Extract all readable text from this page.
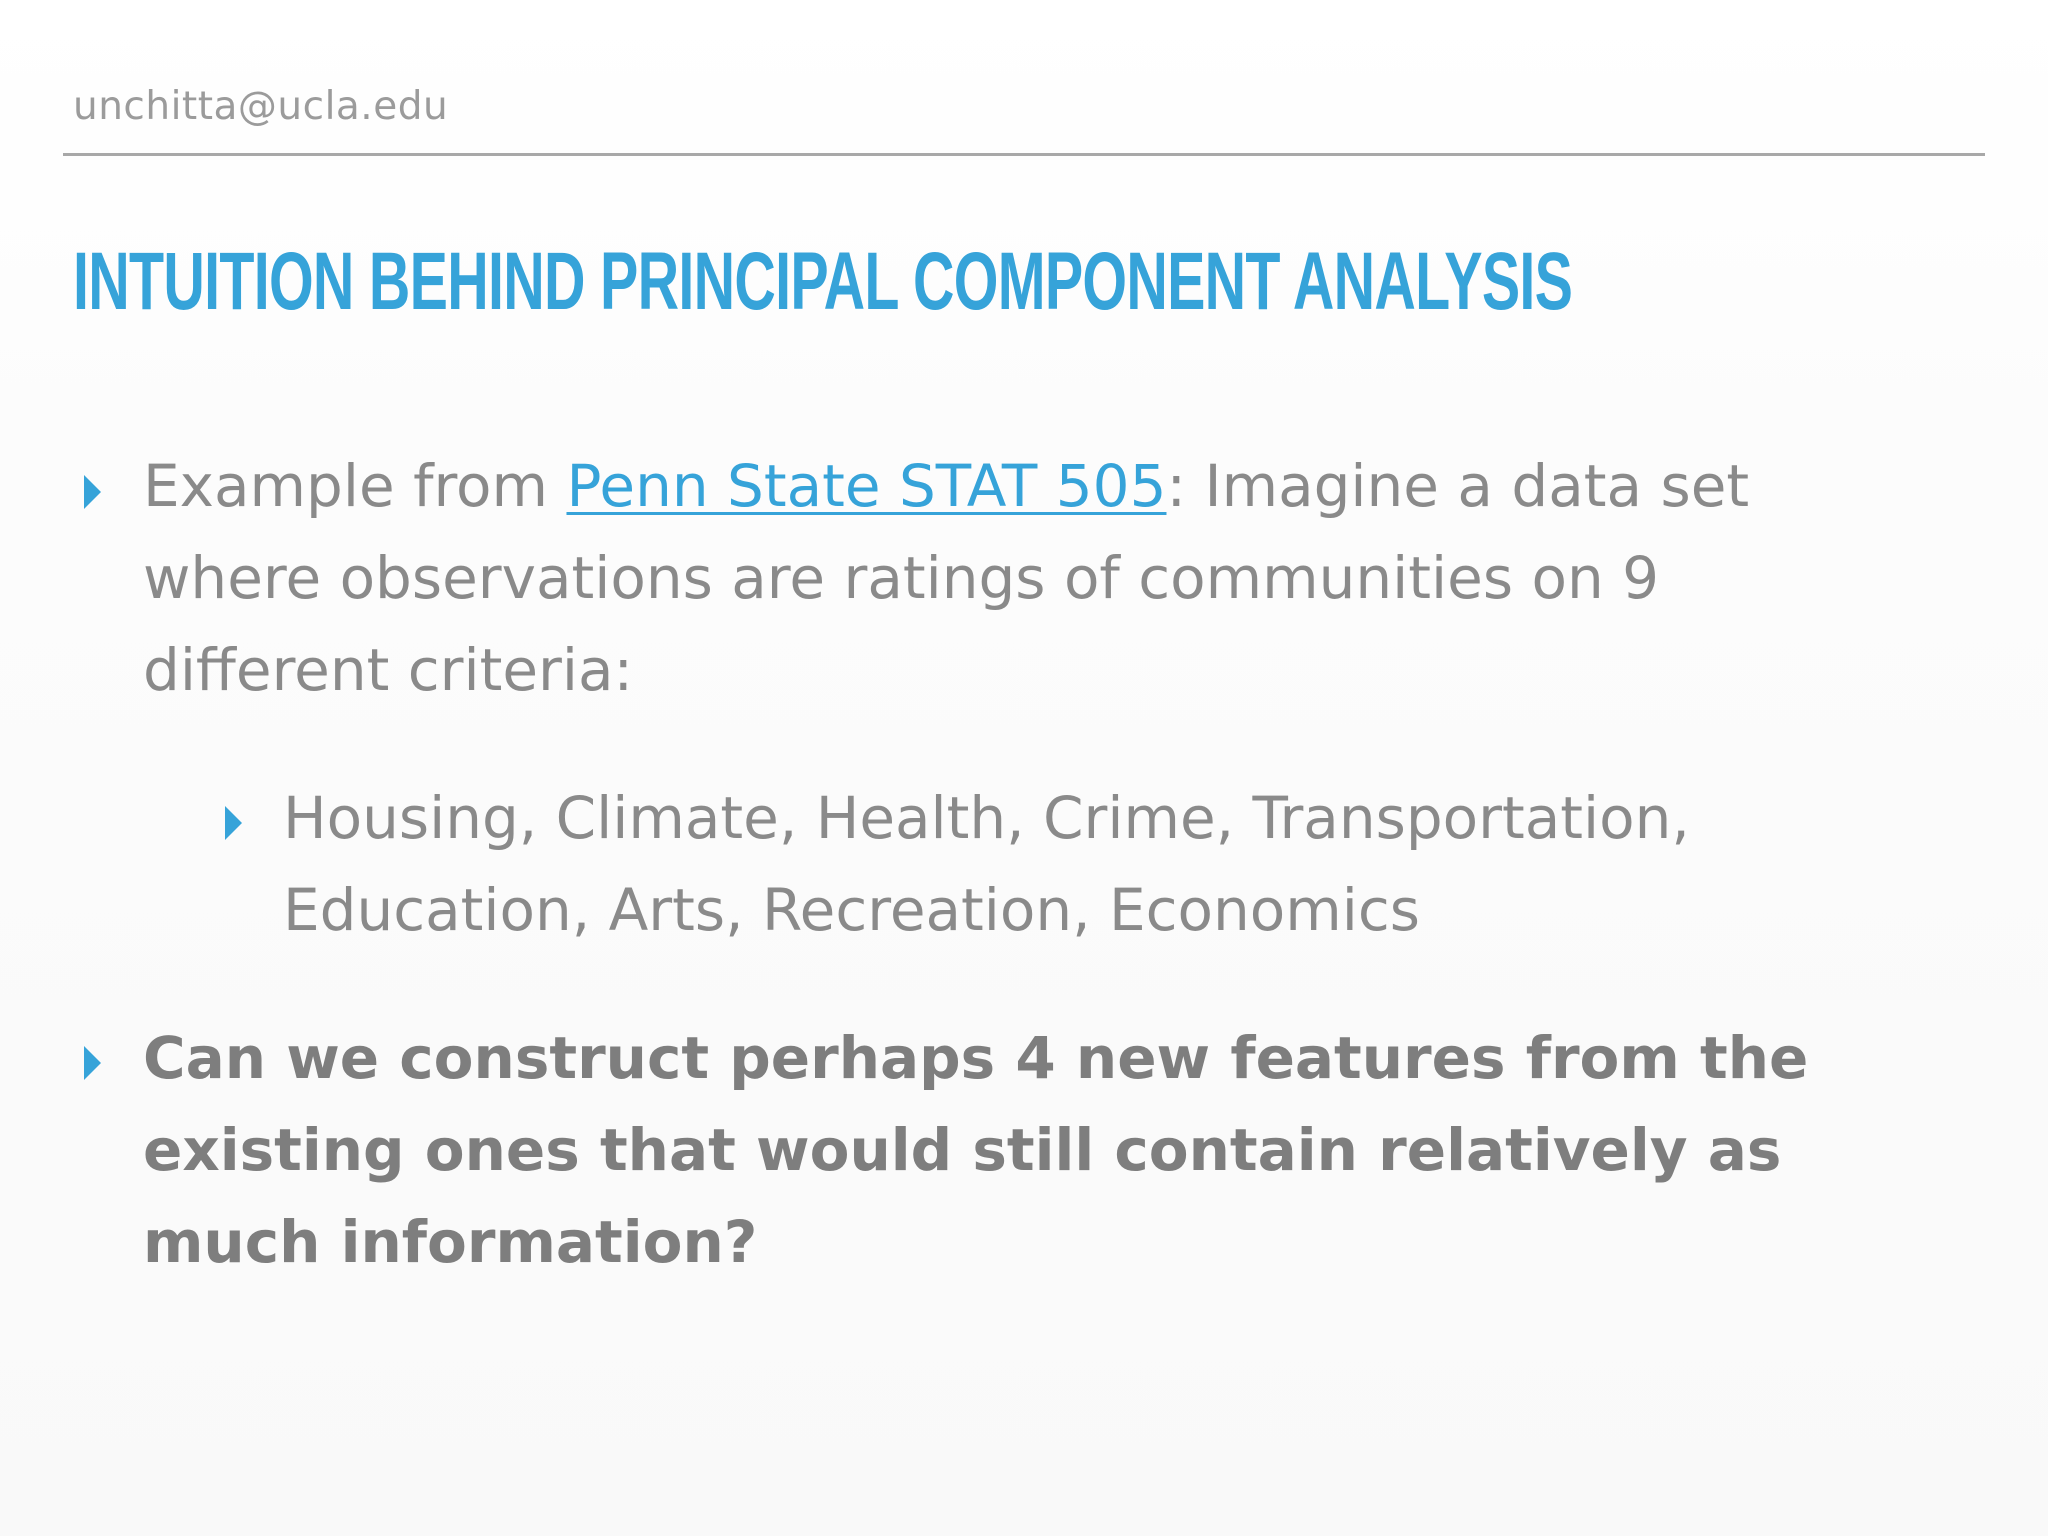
unchitta@ucla.edu
INTUITION BEHIND PRINCIPAL COMPONENT ANALYSIS
Example from Penn State STAT 505: Imagine a data set where observations are ratings of communities on 9 different criteria:
Housing, Climate, Health, Crime, Transportation, Education, Arts, Recreation, Economics
Can we construct perhaps 4 new features from the existing ones that would still contain relatively as much information?
